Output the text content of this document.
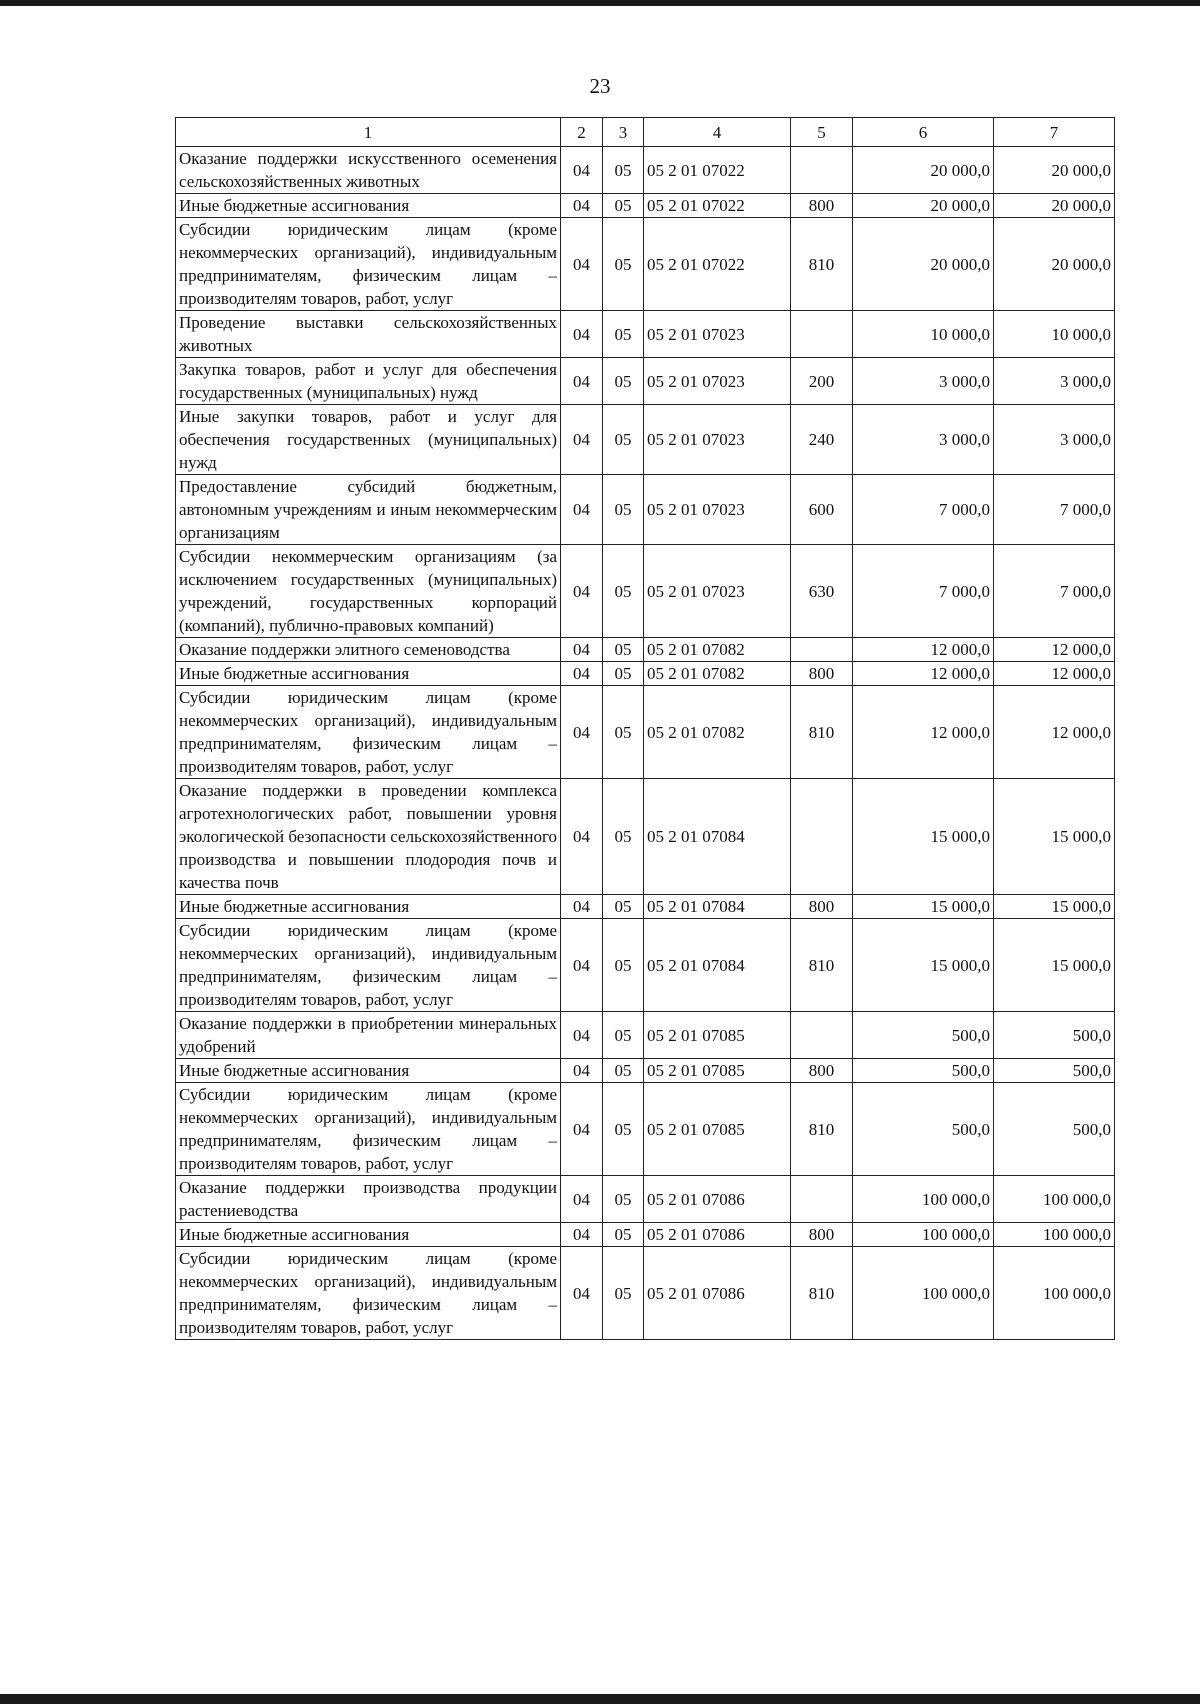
23
1	2	3	4	5	6	7
Оказание поддержки искусственного осеменения сельскохозяйственных животных	04	05	05 2 01 07022		20 000,0	20 000,0
Иные бюджетные ассигнования	04	05	05 2 01 07022	800	20 000,0	20 000,0
Субсидии юридическим лицам (кроме некоммерческих организаций), индивидуальным предпринимателям, физическим лицам – производителям товаров, работ, услуг	04	05	05 2 01 07022	810	20 000,0	20 000,0
Проведение выставки сельскохозяйственных животных	04	05	05 2 01 07023		10 000,0	10 000,0
Закупка товаров, работ и услуг для обеспечения государственных (муниципальных) нужд	04	05	05 2 01 07023	200	3 000,0	3 000,0
Иные закупки товаров, работ и услуг для обеспечения государственных (муниципальных) нужд	04	05	05 2 01 07023	240	3 000,0	3 000,0
Предоставление субсидий бюджетным, автономным учреждениям и иным некоммерческим организациям	04	05	05 2 01 07023	600	7 000,0	7 000,0
Субсидии некоммерческим организациям (за исключением государственных (муниципальных) учреждений, государственных корпораций (компаний), публично-правовых компаний)	04	05	05 2 01 07023	630	7 000,0	7 000,0
Оказание поддержки элитного семеноводства	04	05	05 2 01 07082		12 000,0	12 000,0
Иные бюджетные ассигнования	04	05	05 2 01 07082	800	12 000,0	12 000,0
Субсидии юридическим лицам (кроме некоммерческих организаций), индивидуальным предпринимателям, физическим лицам – производителям товаров, работ, услуг	04	05	05 2 01 07082	810	12 000,0	12 000,0
Оказание поддержки в проведении комплекса агротехнологических работ, повышении уровня экологической безопасности сельскохозяйственного производства и повышении плодородия почв и качества почв	04	05	05 2 01 07084		15 000,0	15 000,0
Иные бюджетные ассигнования	04	05	05 2 01 07084	800	15 000,0	15 000,0
Субсидии юридическим лицам (кроме некоммерческих организаций), индивидуальным предпринимателям, физическим лицам – производителям товаров, работ, услуг	04	05	05 2 01 07084	810	15 000,0	15 000,0
Оказание поддержки в приобретении минеральных удобрений	04	05	05 2 01 07085		500,0	500,0
Иные бюджетные ассигнования	04	05	05 2 01 07085	800	500,0	500,0
Субсидии юридическим лицам (кроме некоммерческих организаций), индивидуальным предпринимателям, физическим лицам – производителям товаров, работ, услуг	04	05	05 2 01 07085	810	500,0	500,0
Оказание поддержки производства продукции растениеводства	04	05	05 2 01 07086		100 000,0	100 000,0
Иные бюджетные ассигнования	04	05	05 2 01 07086	800	100 000,0	100 000,0
Субсидии юридическим лицам (кроме некоммерческих организаций), индивидуальным предпринимателям, физическим лицам – производителям товаров, работ, услуг	04	05	05 2 01 07086	810	100 000,0	100 000,0
